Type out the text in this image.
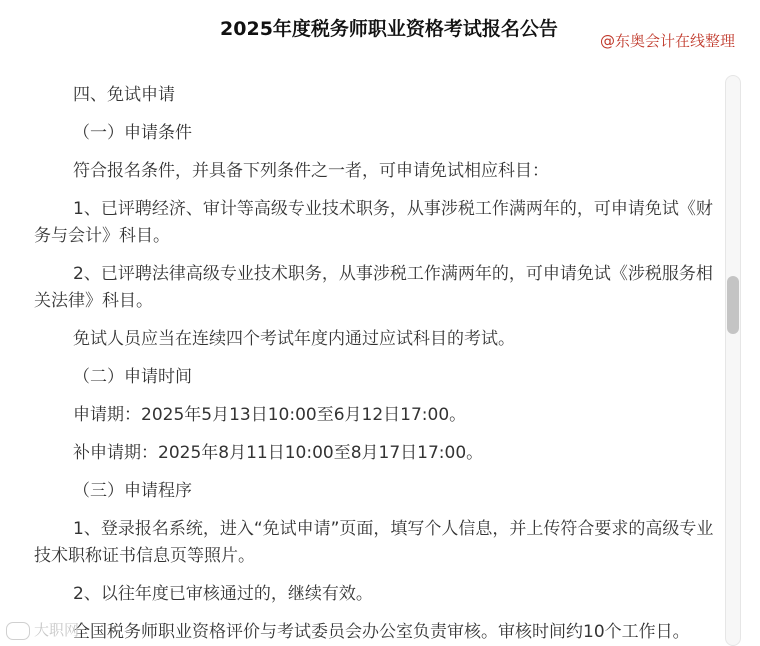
2025年度税务师职业资格考试报名公告
@东奥会计在线整理

四、免试申请

（一）申请条件

符合报名条件，并具备下列条件之一者，可申请免试相应科目：

1、已评聘经济、审计等高级专业技术职务，从事涉税工作满两年的，可申请免试《财务与会计》科目。

2、已评聘法律高级专业技术职务，从事涉税工作满两年的，可申请免试《涉税服务相关法律》科目。

免试人员应当在连续四个考试年度内通过应试科目的考试。

（二）申请时间

申请期：2025年5月13日10:00至6月12日17:00。

补申请期：2025年8月11日10:00至8月17日17:00。

（三）申请程序

1、登录报名系统，进入“免试申请”页面，填写个人信息，并上传符合要求的高级专业技术职称证书信息页等照片。

2、以往年度已审核通过的，继续有效。

全国税务师职业资格评价与考试委员会办公室负责审核。审核时间约10个工作日。

大职网
